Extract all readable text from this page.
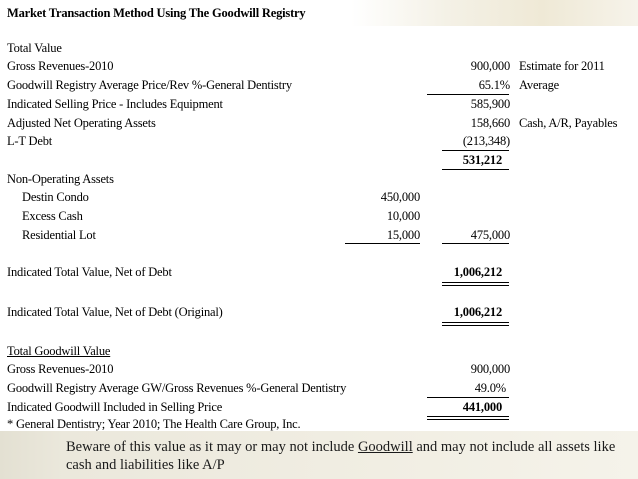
Market Transaction Method Using The Goodwill Registry
Total Value
Gross Revenues-2010	900,000 Estimate for 2011
Goodwill Registry Average Price/Rev %-General Dentistry	65.1% Average
Indicated Selling Price - Includes Equipment	585,900
Adjusted Net Operating Assets	158,660 Cash, A/R, Payables
L-T Debt	(213,348)
531,212
Non-Operating Assets
Destin Condo	450,000
Excess Cash	10,000
Residential Lot	15,000	475,000
Indicated Total Value, Net of Debt	1,006,212
Indicated Total Value, Net of Debt (Original)	1,006,212
Total Goodwill Value
Gross Revenues-2010	900,000
Goodwill Registry Average GW/Gross Revenues %-General Dentistry	49.0%
Indicated Goodwill Included in Selling Price	441,000
* General Dentistry; Year 2010; The Health Care Group, Inc.
Beware of this value as it may or may not include Goodwill and may not include all assets like cash and liabilities like A/P
